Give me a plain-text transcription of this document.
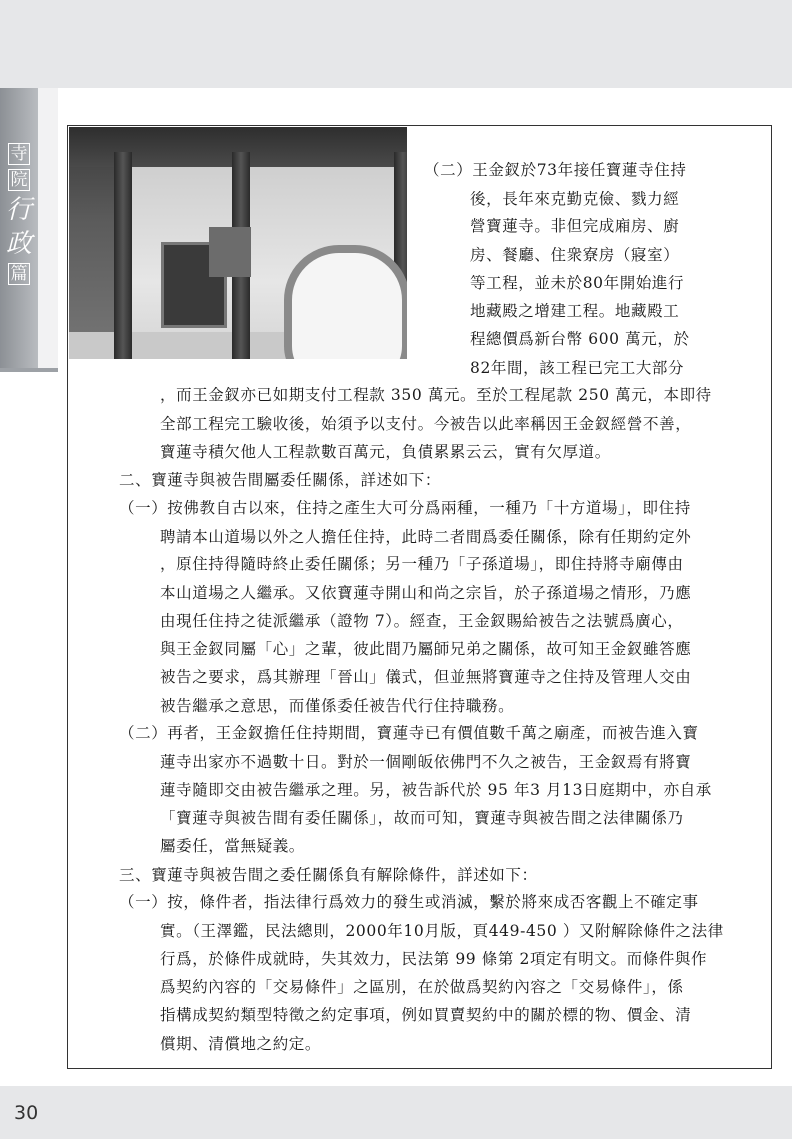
寺
院
行
政
篇
（二）王金釵於73年接任寶蓮寺住持
後，長年來克勤克儉、戮力經
營寶蓮寺。非但完成廂房、廚
房、餐廳、住衆寮房（寢室）
等工程，並未於80年開始進行
地藏殿之增建工程。地藏殿工
程總價爲新台幣 600 萬元，於
82年間，該工程已完工大部分
，而王金釵亦已如期支付工程款 350 萬元。至於工程尾款 250 萬元，本即待
全部工程完工驗收後，始須予以支付。今被告以此率稱因王金釵經營不善，
寶蓮寺積欠他人工程款數百萬元，負債累累云云，實有欠厚道。
二、寶蓮寺與被告間屬委任關係，詳述如下：
（一）按佛教自古以來，住持之產生大可分爲兩種，一種乃「十方道場」，即住持
聘請本山道場以外之人擔任住持，此時二者間爲委任關係，除有任期約定外
，原住持得隨時終止委任關係；另一種乃「子孫道場」，即住持將寺廟傳由
本山道場之人繼承。又依寶蓮寺開山和尚之宗旨，於子孫道場之情形，乃應
由現任住持之徒派繼承（證物 7）。經查，王金釵賜給被告之法號爲廣心，
與王金釵同屬「心」之輩，彼此間乃屬師兄弟之關係，故可知王金釵雖答應
被告之要求，爲其辦理「晉山」儀式，但並無將寶蓮寺之住持及管理人交由
被告繼承之意思，而僅係委任被告代行住持職務。
（二）再者，王金釵擔任住持期間，寶蓮寺已有價值數千萬之廟產，而被告進入寶
蓮寺出家亦不過數十日。對於一個剛皈依佛門不久之被告，王金釵焉有將寶
蓮寺隨即交由被告繼承之理。另，被告訴代於 95 年3 月13日庭期中，亦自承
「寶蓮寺與被告間有委任關係」，故而可知，寶蓮寺與被告間之法律關係乃
屬委任，當無疑義。
三、寶蓮寺與被告間之委任關係負有解除條件，詳述如下：
（一）按，條件者，指法律行爲效力的發生或消滅，繫於將來成否客觀上不確定事
實。（王澤鑑，民法總則，2000年10月版，頁449-450 ）又附解除條件之法律
行爲，於條件成就時，失其效力，民法第 99 條第 2項定有明文。而條件與作
爲契約內容的「交易條件」之區別，在於做爲契約內容之「交易條件」，係
指構成契約類型特徵之約定事項，例如買賣契約中的關於標的物、價金、清
償期、清償地之約定。
30
